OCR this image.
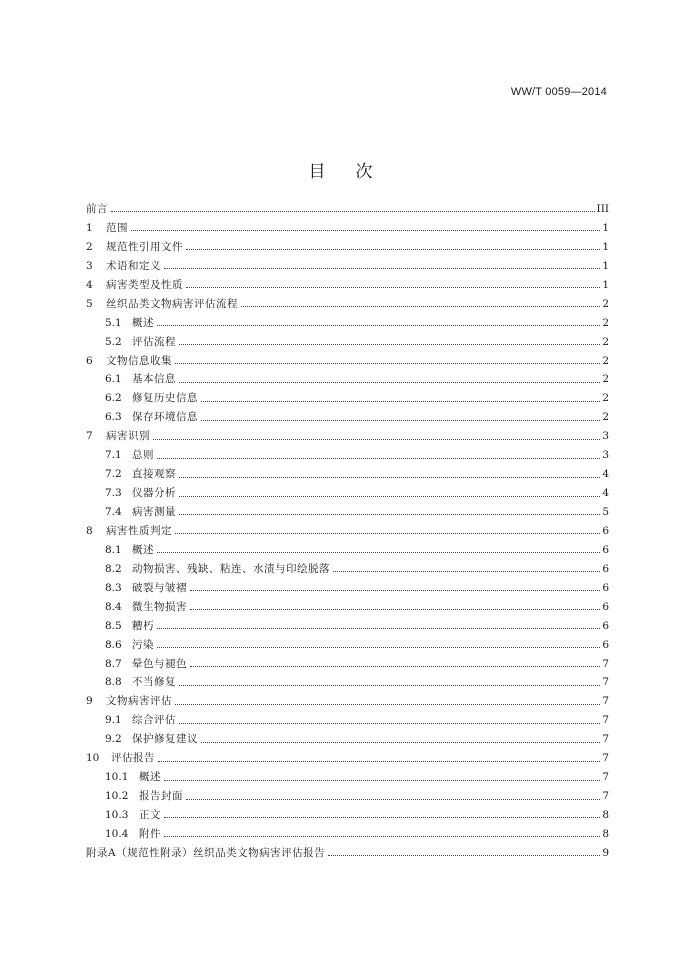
WW/T 0059—2014
目次
前言	III
1	范围	1
2	规范性引用文件	1
3	术语和定义	1
4	病害类型及性质	1
5	丝织品类文物病害评估流程	2
5.1 概述	2
5.2 评估流程	2
6	文物信息收集	2
6.1 基本信息	2
6.2 修复历史信息	2
6.3 保存环境信息	2
7	病害识别	3
7.1 总则	3
7.2 直接观察	4
7.3 仪器分析	4
7.4 病害测量	5
8	病害性质判定	6
8.1 概述	6
8.2 动物损害、残缺、粘连、水渍与印绘脱落	6
8.3 破裂与皱褶	6
8.4 微生物损害	6
8.5 糟朽	6
8.6 污染	6
8.7 晕色与褪色	7
8.8 不当修复	7
9	文物病害评估	7
9.1 综合评估	7
9.2 保护修复建议	7
10	评估报告	7
10.1	概述	7
10.2	报告封面	7
10.3	正文	8
10.4	附件	8
附录A（规范性附录）丝织品类文物病害评估报告	9
